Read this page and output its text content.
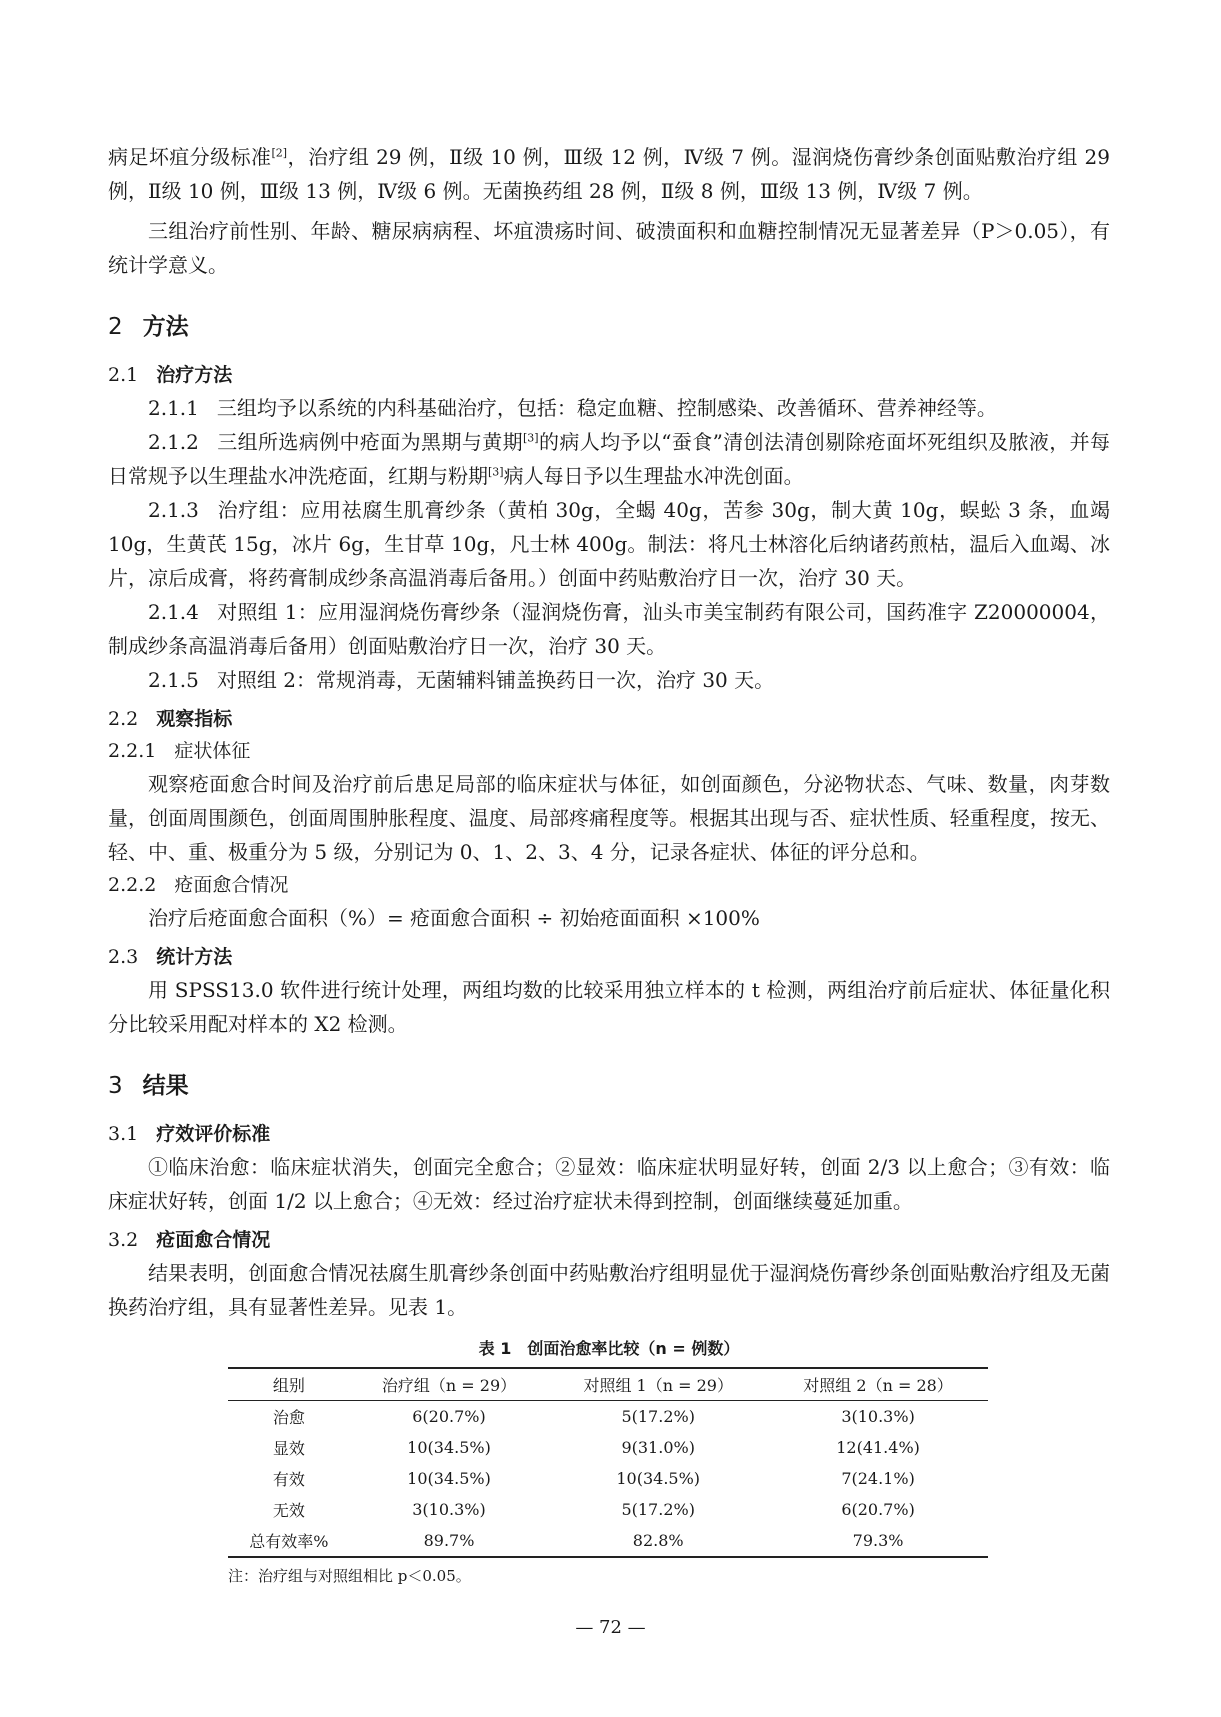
病足坏疽分级标准[2]，治疗组 29 例，Ⅱ级 10 例，Ⅲ级 12 例，Ⅳ级 7 例。湿润烧伤膏纱条创面贴敷治疗组 29 例，Ⅱ级 10 例，Ⅲ级 13 例，Ⅳ级 6 例。无菌换药组 28 例，Ⅱ级 8 例，Ⅲ级 13 例，Ⅳ级 7 例。

三组治疗前性别、年龄、糖尿病病程、坏疽溃疡时间、破溃面积和血糖控制情况无显著差异（P＞0.05），有统计学意义。

2 方法
2.1 治疗方法

2.1.1 三组均予以系统的内科基础治疗，包括：稳定血糖、控制感染、改善循环、营养神经等。

2.1.2 三组所选病例中疮面为黑期与黄期[3]的病人均予以“蚕食”清创法清创剔除疮面坏死组织及脓液，并每日常规予以生理盐水冲洗疮面，红期与粉期[3]病人每日予以生理盐水冲洗创面。

2.1.3 治疗组：应用祛腐生肌膏纱条（黄柏 30g，全蝎 40g，苦参 30g，制大黄 10g，蜈蚣 3 条，血竭 10g，生黄芪 15g，冰片 6g，生甘草 10g，凡士林 400g。制法：将凡士林溶化后纳诸药煎枯，温后入血竭、冰片，凉后成膏，将药膏制成纱条高温消毒后备用。）创面中药贴敷治疗日一次，治疗 30 天。

2.1.4 对照组 1：应用湿润烧伤膏纱条（湿润烧伤膏，汕头市美宝制药有限公司，国药准字 Z20000004，制成纱条高温消毒后备用）创面贴敷治疗日一次，治疗 30 天。

2.1.5 对照组 2：常规消毒，无菌辅料铺盖换药日一次，治疗 30 天。

2.2 观察指标
2.2.1 症状体征

观察疮面愈合时间及治疗前后患足局部的临床症状与体征，如创面颜色，分泌物状态、气味、数量，肉芽数量，创面周围颜色，创面周围肿胀程度、温度、局部疼痛程度等。根据其出现与否、症状性质、轻重程度，按无、轻、中、重、极重分为 5 级，分别记为 0、1、2、3、4 分，记录各症状、体征的评分总和。

2.2.2 疮面愈合情况

治疗后疮面愈合面积（%）= 疮面愈合面积 ÷ 初始疮面面积 ×100%

2.3 统计方法

用 SPSS13.0 软件进行统计处理，两组均数的比较采用独立样本的 t 检测，两组治疗前后症状、体征量化积分比较采用配对样本的 X2 检测。

3 结果
3.1 疗效评价标准

①临床治愈：临床症状消失，创面完全愈合；②显效：临床症状明显好转，创面 2/3 以上愈合；③有效：临床症状好转，创面 1/2 以上愈合；④无效：经过治疗症状未得到控制，创面继续蔓延加重。

3.2 疮面愈合情况

结果表明，创面愈合情况祛腐生肌膏纱条创面中药贴敷治疗组明显优于湿润烧伤膏纱条创面贴敷治疗组及无菌换药治疗组，具有显著性差异。见表 1。

表 1　创面治愈率比较（n = 例数）
组别	治疗组（n = 29）	对照组 1（n = 29）	对照组 2（n = 28）
治愈	6(20.7%)	5(17.2%)	3(10.3%)
显效	10(34.5%)	9(31.0%)	12(41.4%)
有效	10(34.5%)	10(34.5%)	7(24.1%)
无效	3(10.3%)	5(17.2%)	6(20.7%)
总有效率%	89.7%	82.8%	79.3%
注：治疗组与对照组相比 p＜0.05。
— 72 —
